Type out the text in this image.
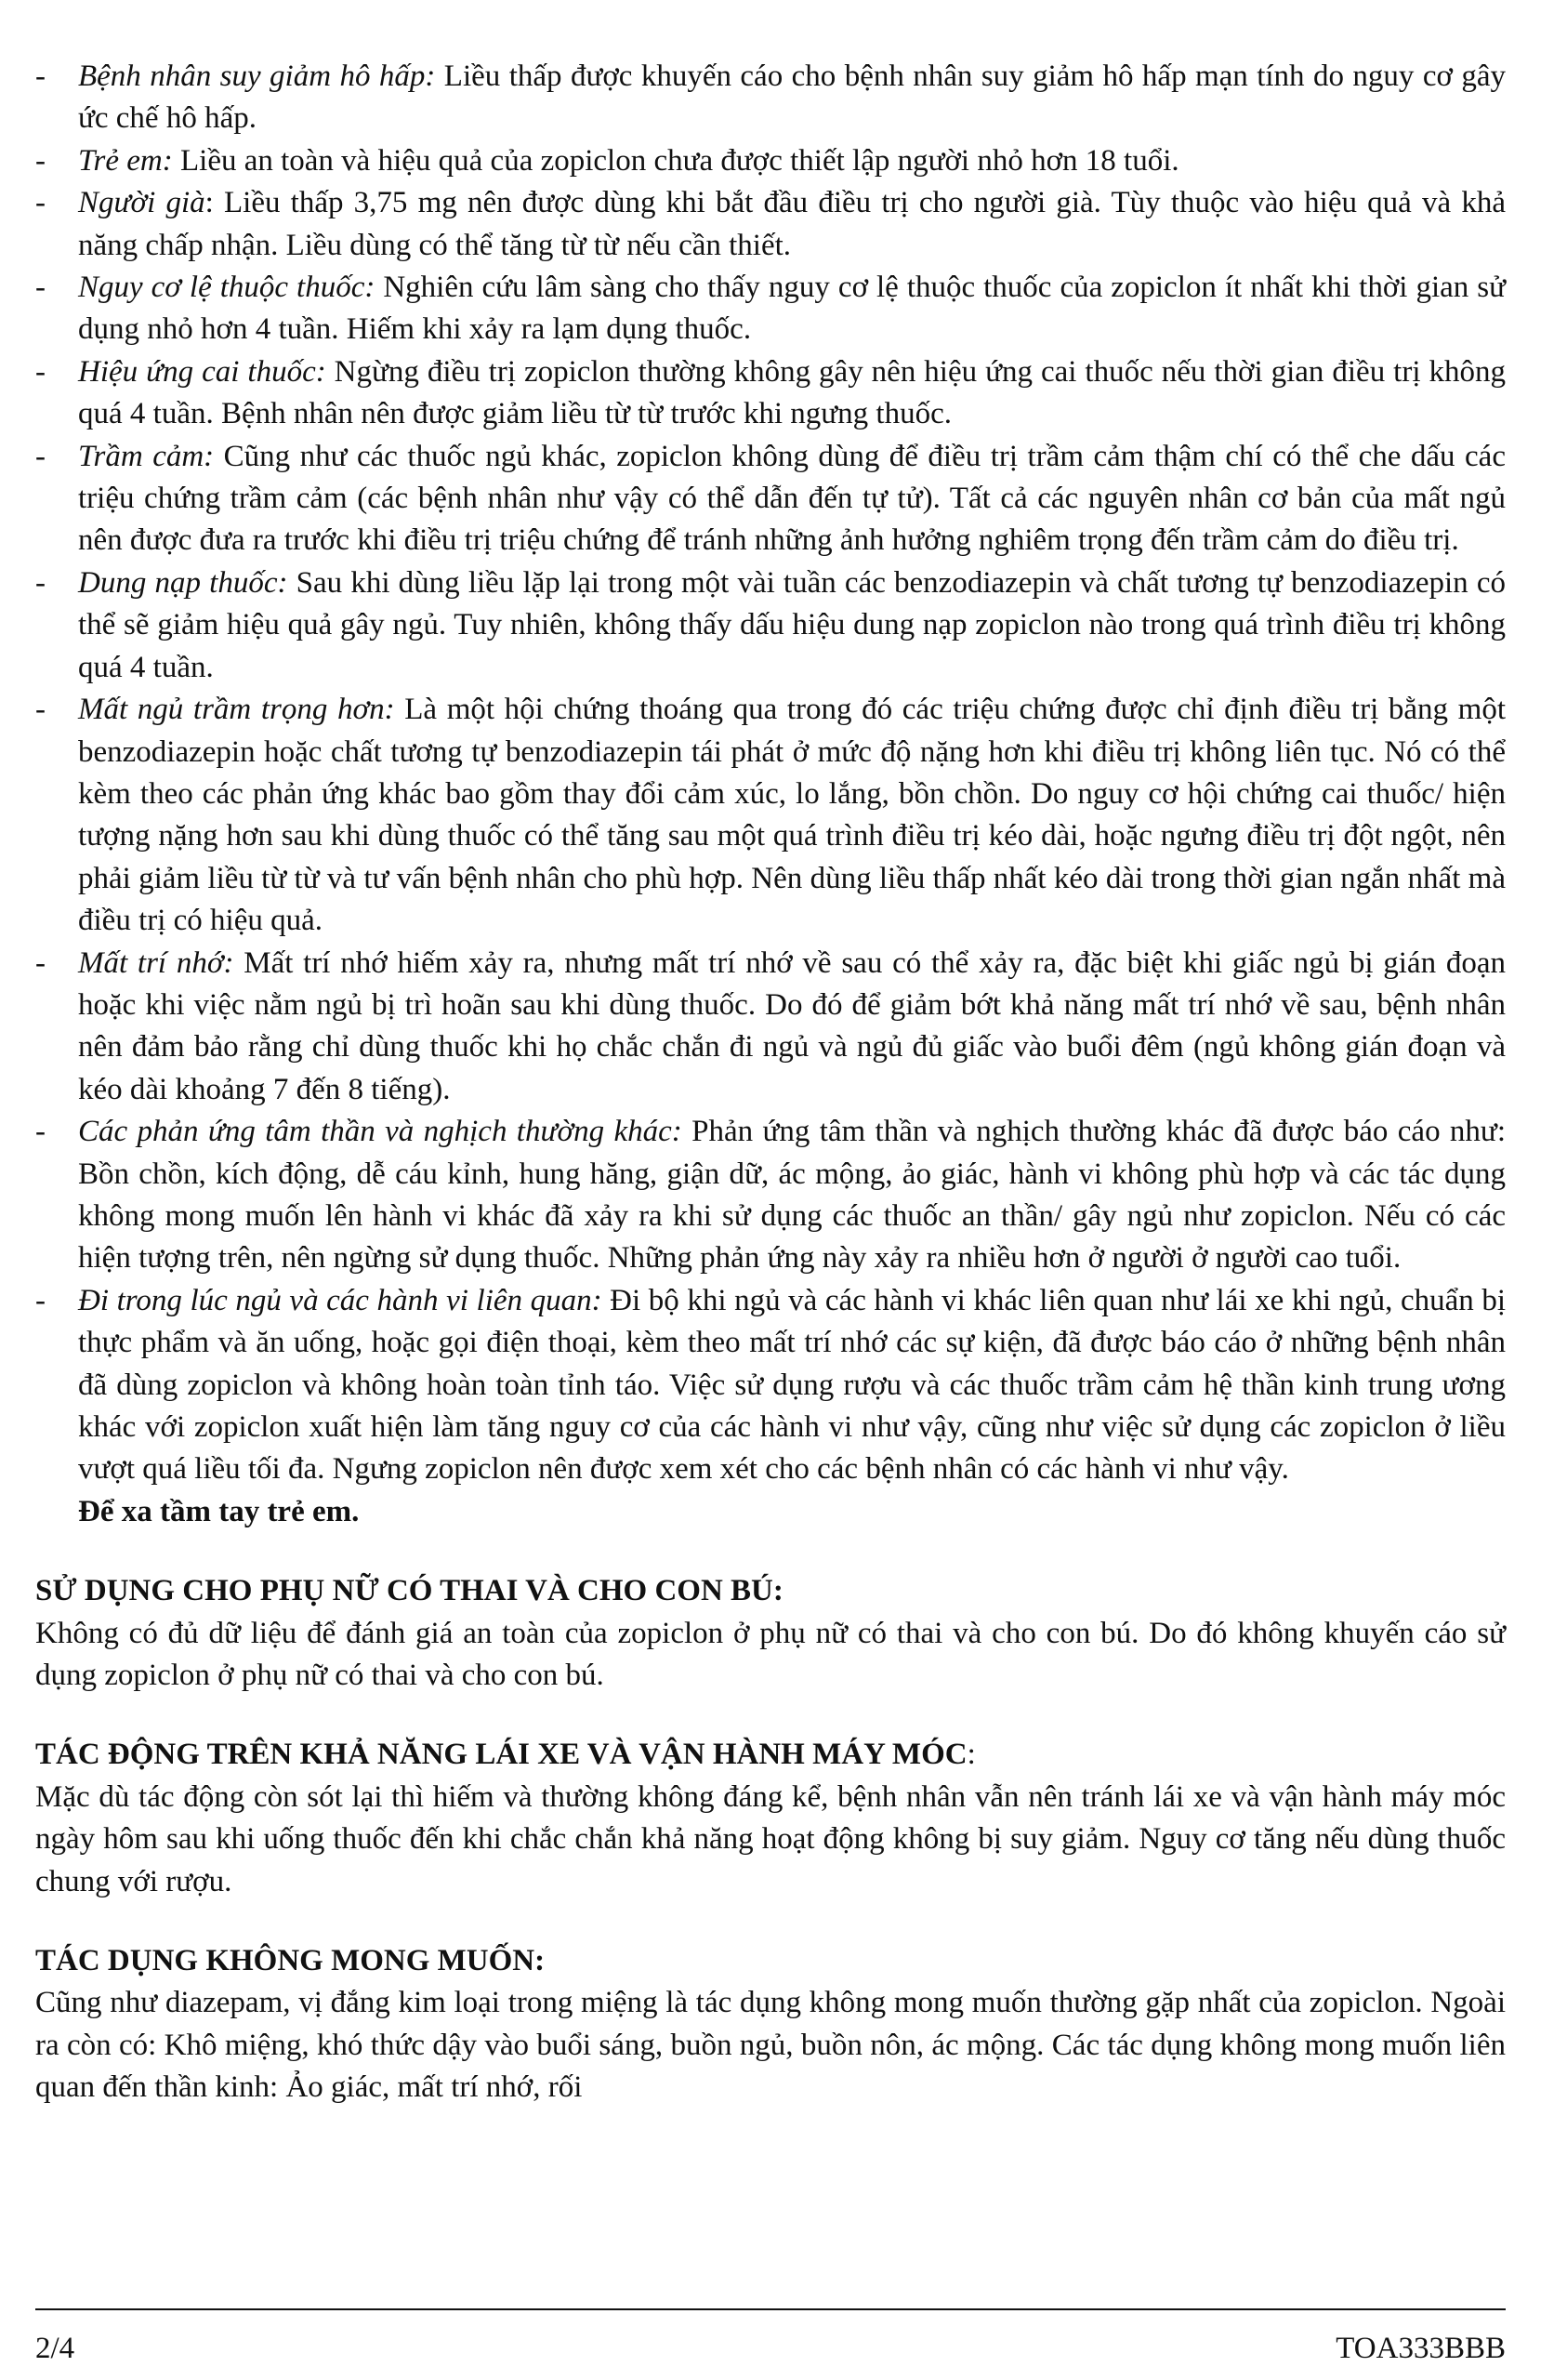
- Bệnh nhân suy giảm hô hấp: Liều thấp được khuyến cáo cho bệnh nhân suy giảm hô hấp mạn tính do nguy cơ gây ức chế hô hấp.
- Trẻ em: Liều an toàn và hiệu quả của zopiclon chưa được thiết lập người nhỏ hơn 18 tuổi.
- Người già: Liều thấp 3,75 mg nên được dùng khi bắt đầu điều trị cho người già. Tùy thuộc vào hiệu quả và khả năng chấp nhận. Liều dùng có thể tăng từ từ nếu cần thiết.
- Nguy cơ lệ thuộc thuốc: Nghiên cứu lâm sàng cho thấy nguy cơ lệ thuộc thuốc của zopiclon ít nhất khi thời gian sử dụng nhỏ hơn 4 tuần. Hiếm khi xảy ra lạm dụng thuốc.
- Hiệu ứng cai thuốc: Ngừng điều trị zopiclon thường không gây nên hiệu ứng cai thuốc nếu thời gian điều trị không quá 4 tuần. Bệnh nhân nên được giảm liều từ từ trước khi ngưng thuốc.
- Trầm cảm: Cũng như các thuốc ngủ khác, zopiclon không dùng để điều trị trầm cảm thậm chí có thể che dấu các triệu chứng trầm cảm (các bệnh nhân như vậy có thể dẫn đến tự tử). Tất cả các nguyên nhân cơ bản của mất ngủ nên được đưa ra trước khi điều trị triệu chứng để tránh những ảnh hưởng nghiêm trọng đến trầm cảm do điều trị.
- Dung nạp thuốc: Sau khi dùng liều lặp lại trong một vài tuần các benzodiazepin và chất tương tự benzodiazepin có thể sẽ giảm hiệu quả gây ngủ. Tuy nhiên, không thấy dấu hiệu dung nạp zopiclon nào trong quá trình điều trị không quá 4 tuần.
- Mất ngủ trầm trọng hơn: Là một hội chứng thoáng qua trong đó các triệu chứng được chỉ định điều trị bằng một benzodiazepin hoặc chất tương tự benzodiazepin tái phát ở mức độ nặng hơn khi điều trị không liên tục. Nó có thể kèm theo các phản ứng khác bao gồm thay đổi cảm xúc, lo lắng, bồn chồn. Do nguy cơ hội chứng cai thuốc/ hiện tượng nặng hơn sau khi dùng thuốc có thể tăng sau một quá trình điều trị kéo dài, hoặc ngưng điều trị đột ngột, nên phải giảm liều từ từ và tư vấn bệnh nhân cho phù hợp. Nên dùng liều thấp nhất kéo dài trong thời gian ngắn nhất mà điều trị có hiệu quả.
- Mất trí nhớ: Mất trí nhớ hiếm xảy ra, nhưng mất trí nhớ về sau có thể xảy ra, đặc biệt khi giấc ngủ bị gián đoạn hoặc khi việc nằm ngủ bị trì hoãn sau khi dùng thuốc. Do đó để giảm bớt khả năng mất trí nhớ về sau, bệnh nhân nên đảm bảo rằng chỉ dùng thuốc khi họ chắc chắn đi ngủ và ngủ đủ giấc vào buổi đêm (ngủ không gián đoạn và kéo dài khoảng 7 đến 8 tiếng).
- Các phản ứng tâm thần và nghịch thường khác: Phản ứng tâm thần và nghịch thường khác đã được báo cáo như: Bồn chồn, kích động, dễ cáu kỉnh, hung hăng, giận dữ, ác mộng, ảo giác, hành vi không phù hợp và các tác dụng không mong muốn lên hành vi khác đã xảy ra khi sử dụng các thuốc an thần/ gây ngủ như zopiclon. Nếu có các hiện tượng trên, nên ngừng sử dụng thuốc. Những phản ứng này xảy ra nhiều hơn ở người ở người cao tuổi.
- Đi trong lúc ngủ và các hành vi liên quan: Đi bộ khi ngủ và các hành vi khác liên quan như lái xe khi ngủ, chuẩn bị thực phẩm và ăn uống, hoặc gọi điện thoại, kèm theo mất trí nhớ các sự kiện, đã được báo cáo ở những bệnh nhân đã dùng zopiclon và không hoàn toàn tỉnh táo. Việc sử dụng rượu và các thuốc trầm cảm hệ thần kinh trung ương khác với zopiclon xuất hiện làm tăng nguy cơ của các hành vi như vậy, cũng như việc sử dụng các zopiclon ở liều vượt quá liều tối đa. Ngưng zopiclon nên được xem xét cho các bệnh nhân có các hành vi như vậy.

Để xa tầm tay trẻ em.

SỬ DỤNG CHO PHỤ NỮ CÓ THAI VÀ CHO CON BÚ:

Không có đủ dữ liệu để đánh giá an toàn của zopiclon ở phụ nữ có thai và cho con bú. Do đó không khuyến cáo sử dụng zopiclon ở phụ nữ có thai và cho con bú.

TÁC ĐỘNG TRÊN KHẢ NĂNG LÁI XE VÀ VẬN HÀNH MÁY MÓC:

Mặc dù tác động còn sót lại thì hiếm và thường không đáng kể, bệnh nhân vẫn nên tránh lái xe và vận hành máy móc ngày hôm sau khi uống thuốc đến khi chắc chắn khả năng hoạt động không bị suy giảm. Nguy cơ tăng nếu dùng thuốc chung với rượu.

TÁC DỤNG KHÔNG MONG MUỐN:

Cũng như diazepam, vị đắng kim loại trong miệng là tác dụng không mong muốn thường gặp nhất của zopiclon. Ngoài ra còn có: Khô miệng, khó thức dậy vào buổi sáng, buồn ngủ, buồn nôn, ác mộng. Các tác dụng không mong muốn liên quan đến thần kinh: Ảo giác, mất trí nhớ, rối

2/4	TOA333BBB
